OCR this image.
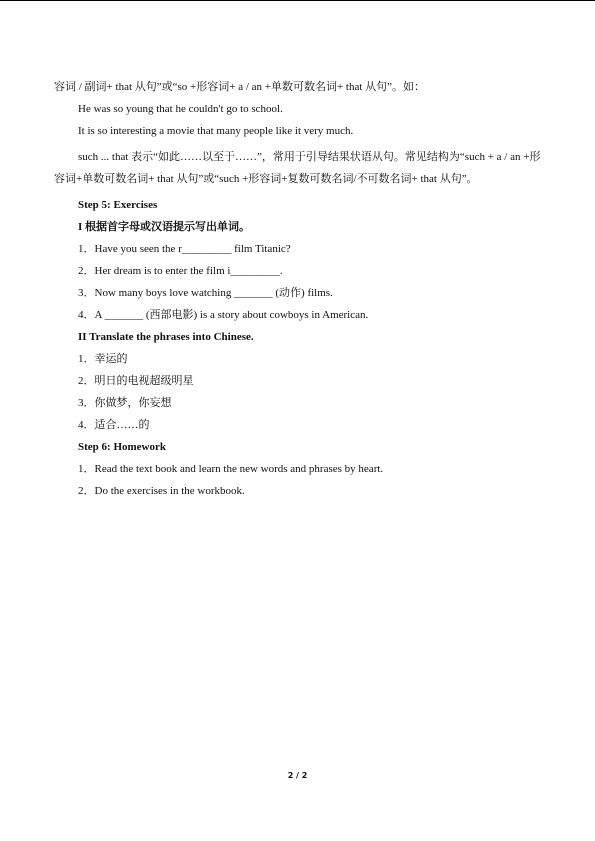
容词 / 副词+ that 从句”或“so +形容词+ a / an +单数可数名词+ that 从句”。如：

He was so young that he couldn't go to school.

It is so interesting a movie that many people like it very much.

such ... that 表示“如此……以至于……”，常用于引导结果状语从句。常见结构为“such + a / an +形容词+单数可数名词+ that 从句”或“such +形容词+复数可数名词/不可数名词+ that 从句”。

Step 5: Exercises

I 根据首字母或汉语提示写出单词。

1．Have you seen the r_________ film Titanic?

2．Her dream is to enter the film i_________.

3．Now many boys love watching _______ (动作) films.

4．A _______ (西部电影) is a story about cowboys in American.

II Translate the phrases into Chinese.

1．幸运的

2．明日的电视超级明星

3．你做梦，你妄想

4．适合……的

Step 6: Homework

1．Read the text book and learn the new words and phrases by heart.

2．Do the exercises in the workbook.

2 / 2
